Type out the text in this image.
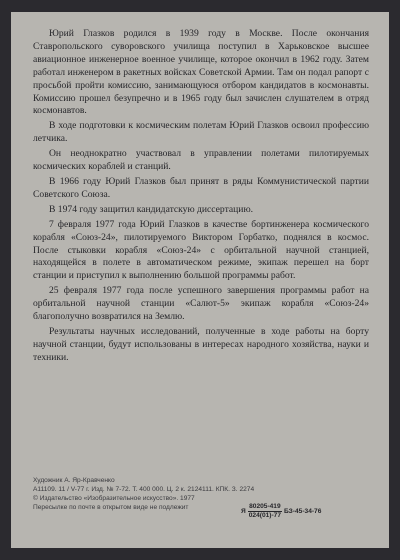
Юрий Глазков родился в 1939 году в Москве. После окончания Ставропольского суворовского училища поступил в Харьковское высшее авиационное инженерное военное училище, которое окончил в 1962 году. Затем работал инженером в ракетных войсках Советской Армии. Там он подал рапорт с просьбой пройти комиссию, занимающуюся отбором кандидатов в космонавты. Комиссию прошел безупречно и в 1965 году был зачислен слушателем в отряд космонавтов.

В ходе подготовки к космическим полетам Юрий Глазков освоил профессию летчика.

Он неоднократно участвовал в управлении полетами пилотируемых космических кораблей и станций.

В 1966 году Юрий Глазков был принят в ряды Коммунистической партии Советского Союза.

В 1974 году защитил кандидатскую диссертацию.

7 февраля 1977 года Юрий Глазков в качестве бортинженера космического корабля «Союз-24», пилотируемого Виктором Горбатко, поднялся в космос. После стыковки корабля «Союз-24» с орбитальной научной станцией, находящейся в полете в автоматическом режиме, экипаж перешел на борт станции и приступил к выполнению большой программы работ.

25 февраля 1977 года после успешного завершения программы работ на орбитальной научной станции «Салют-5» экипаж корабля «Союз-24» благополучно возвратился на Землю.

Результаты научных исследований, полученные в ходе работы на борту научной станции, будут использованы в интересах народного хозяйства, науки и техники.

Художник А. Яр-Кравченко
А11109. 11 / V-77 г. Изд. № 7-72. Т. 400 000. Ц. 2 к. 2124111. КПК. З. 2274
© Издательство «Изобразительное искусство». 1977
Пересылке по почте в открытом виде не подлежит	Я $\frac{80205-419}{024(01)-77} БЗ-45-34-76$
